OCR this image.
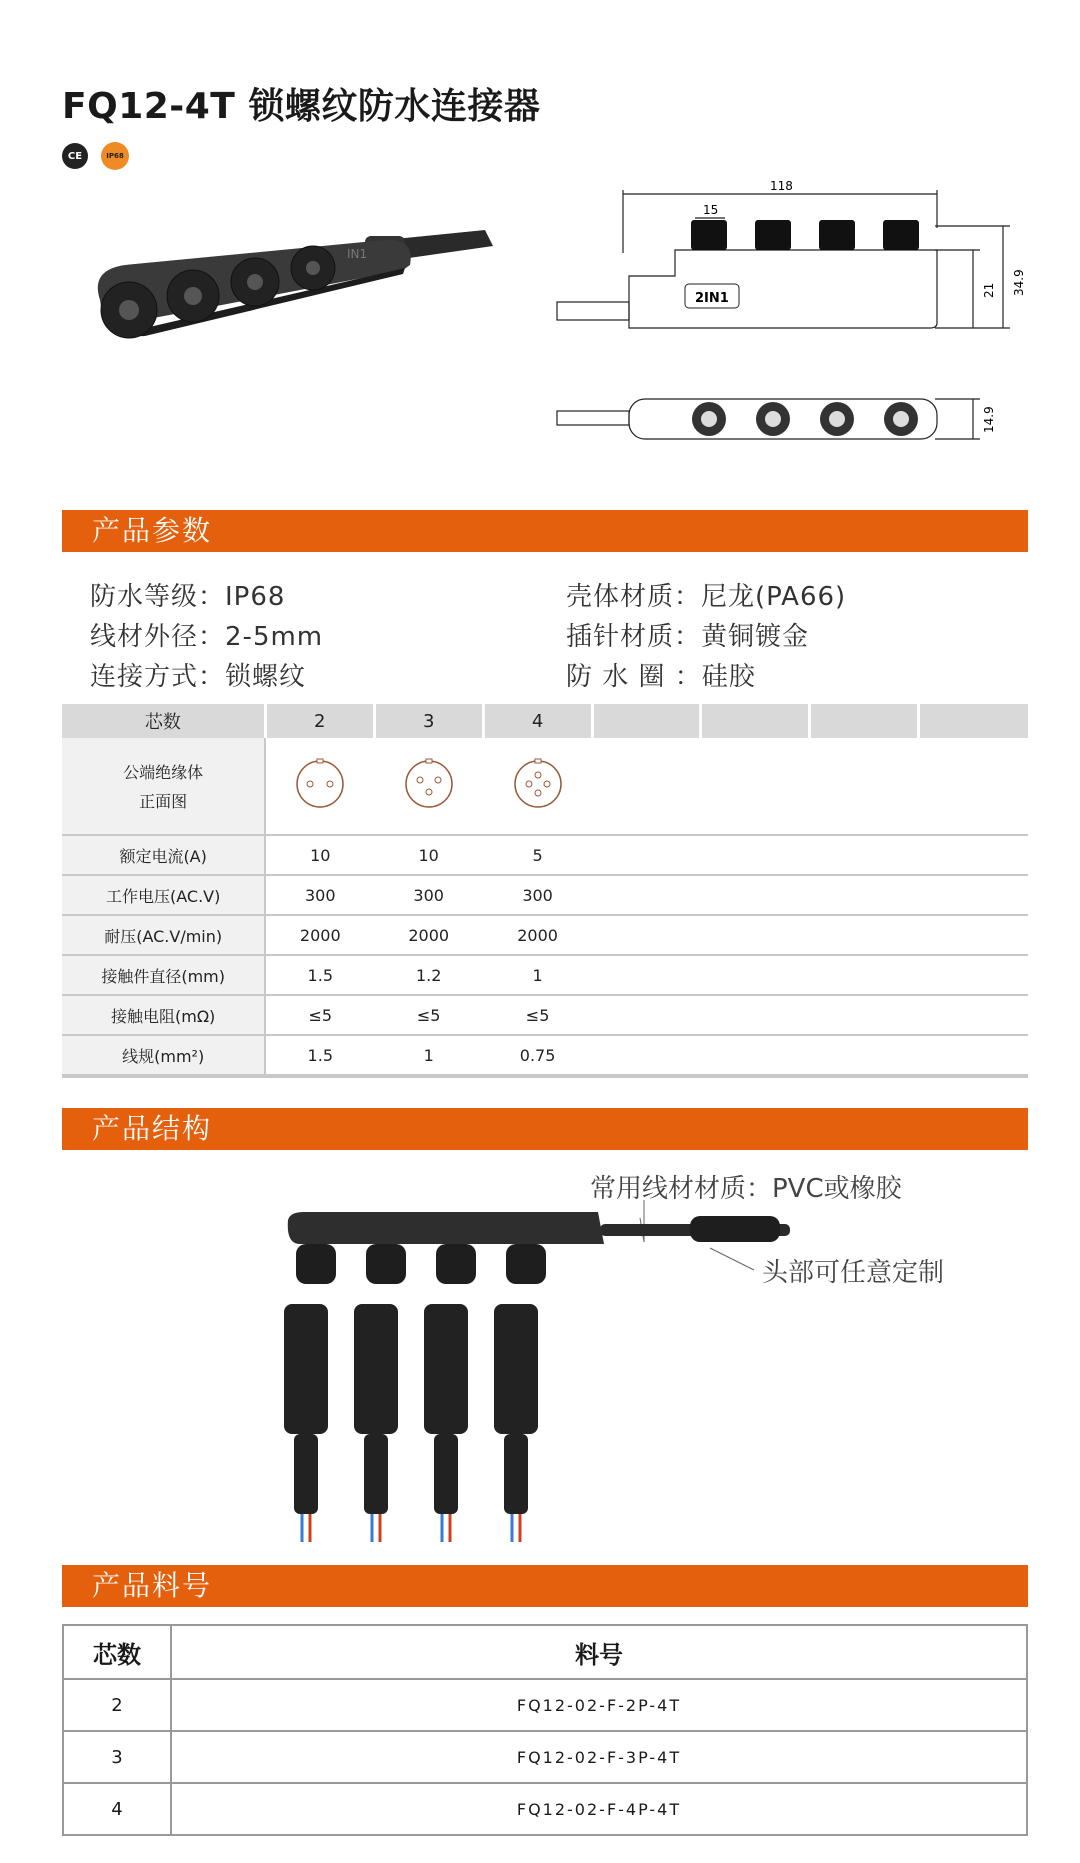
FQ12-4T 锁螺纹防水连接器
CE	IP68
IN1
2IN1
118
15
21 34.9
14.9
产品参数
防水等级：IP68
线材外径：2-5mm
连接方式：锁螺纹
壳体材质：尼龙(PA66)
插针材质：黄铜镀金
防 水 圈 ：硅胶
芯数	2	3	4				

公端绝缘体
正面图

额定电流(A)	10	10	5				
工作电压(AC.V)	300	300	300				
耐压(AC.V/min)	2000	2000	2000				
接触件直径(mm)	1.5	1.2	1				
接触电阻(mΩ)	≤5	≤5	≤5				
线规(mm²)	1.5	1	0.75				
产品结构
常用线材材质：PVC或橡胶
头部可任意定制
产品料号
芯数	料号
2	FQ12-02-F-2P-4T
3	FQ12-02-F-3P-4T
4	FQ12-02-F-4P-4T
